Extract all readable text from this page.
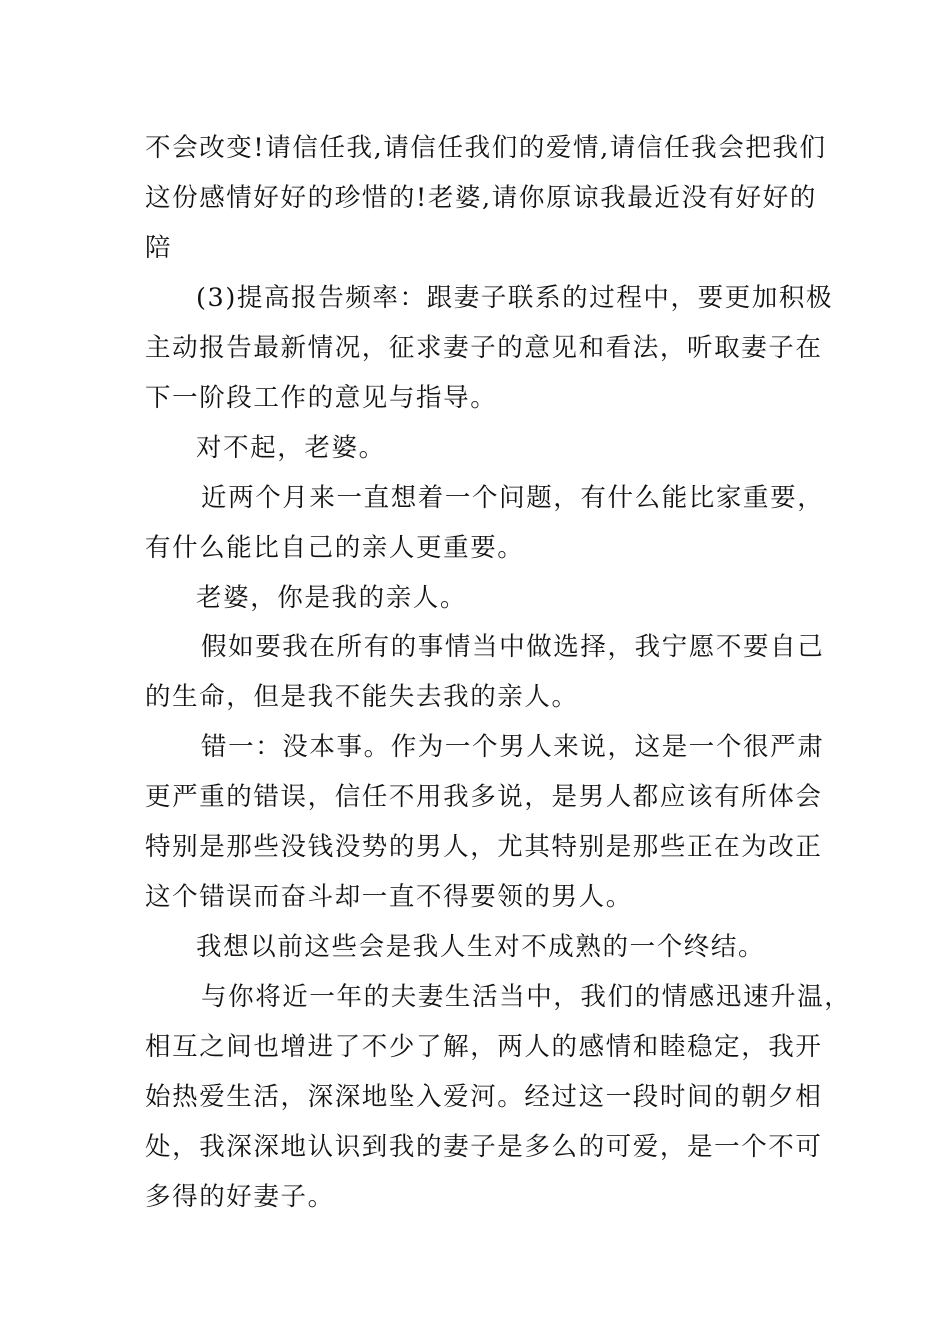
不会改变!请信任我,请信任我们的爱情,请信任我会把我们

这份感情好好的珍惜的!老婆,请你原谅我最近没有好好的

陪

(3)提高报告频率：跟妻子联系的过程中，要更加积极

主动报告最新情况，征求妻子的意见和看法，听取妻子在

下一阶段工作的意见与指导。

对不起，老婆。

近两个月来一直想着一个问题，有什么能比家重要，

有什么能比自己的亲人更重要。

老婆，你是我的亲人。

假如要我在所有的事情当中做选择，我宁愿不要自己

的生命，但是我不能失去我的亲人。

错一：没本事。作为一个男人来说，这是一个很严肃

更严重的错误，信任不用我多说，是男人都应该有所体会

特别是那些没钱没势的男人，尤其特别是那些正在为改正

这个错误而奋斗却一直不得要领的男人。

我想以前这些会是我人生对不成熟的一个终结。

与你将近一年的夫妻生活当中，我们的情感迅速升温，

相互之间也增进了不少了解，两人的感情和睦稳定，我开

始热爱生活，深深地坠入爱河。经过这一段时间的朝夕相

处，我深深地认识到我的妻子是多么的可爱，是一个不可

多得的好妻子。
